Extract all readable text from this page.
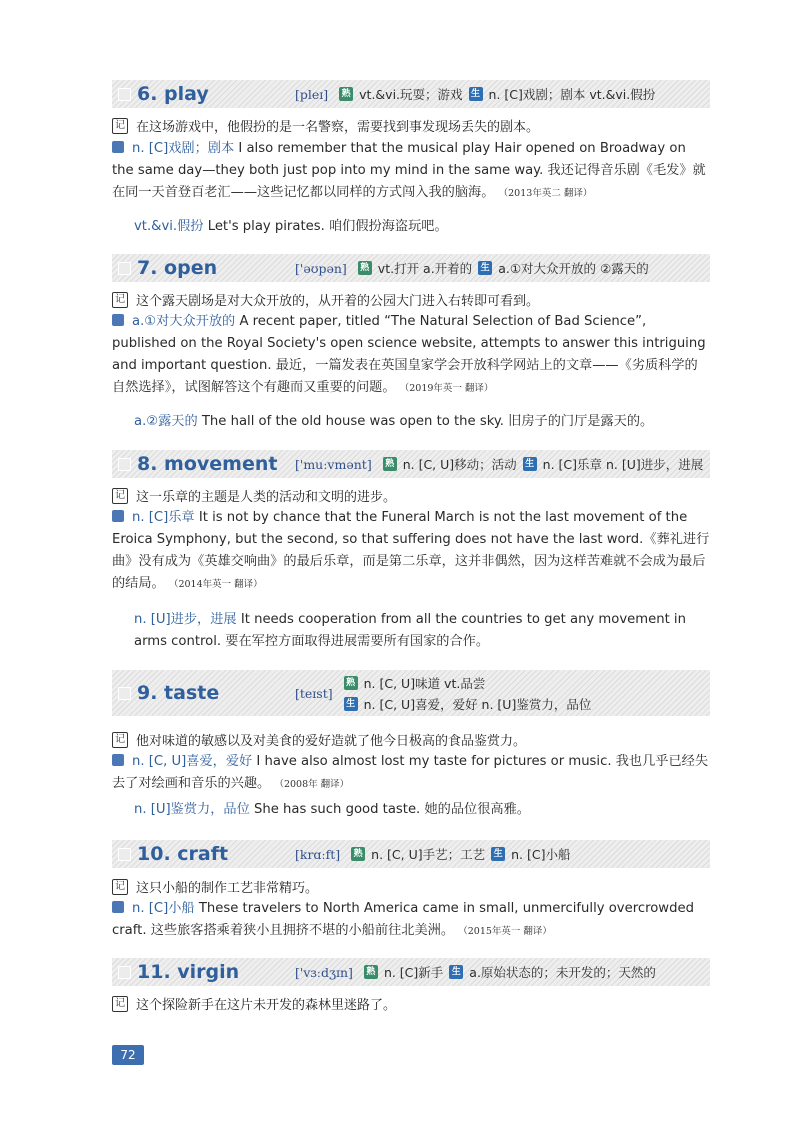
6. play	[pleɪ] 熟 vt.&vi.玩耍；游戏 生 n. [C]戏剧；剧本 vt.&vi.假扮
记 在这场游戏中，他假扮的是一名警察，需要找到事发现场丢失的剧本。
n. [C]戏剧；剧本 I also remember that the musical play Hair opened on Broadway on the same day—they both just pop into my mind in the same way. 我还记得音乐剧《毛发》就在同一天首登百老汇——这些记忆都以同样的方式闯入我的脑海。 （2013年英二 翻译）
vt.&vi.假扮 Let's play pirates. 咱们假扮海盗玩吧。
7. open	['əʊpən] 熟 vt.打开 a.开着的 生 a.①对大众开放的 ②露天的
记 这个露天剧场是对大众开放的，从开着的公园大门进入右转即可看到。
a.①对大众开放的 A recent paper, titled “The Natural Selection of Bad Science”, published on the Royal Society's open science website, attempts to answer this intriguing and important question. 最近，一篇发表在英国皇家学会开放科学网站上的文章——《劣质科学的自然选择》，试图解答这个有趣而又重要的问题。 （2019年英一 翻译）
a.②露天的 The hall of the old house was open to the sky. 旧房子的门厅是露天的。
8. movement	['muːvmənt] 熟 n. [C, U]移动；活动 生 n. [C]乐章 n. [U]进步，进展
记 这一乐章的主题是人类的活动和文明的进步。
n. [C]乐章 It is not by chance that the Funeral March is not the last movement of the Eroica Symphony, but the second, so that suffering does not have the last word.《葬礼进行曲》没有成为《英雄交响曲》的最后乐章，而是第二乐章，这并非偶然，因为这样苦难就不会成为最后的结局。 （2014年英一 翻译）
n. [U]进步，进展 It needs cooperation from all the countries to get any movement in arms control. 要在军控方面取得进展需要所有国家的合作。
9. taste	[teɪst]
熟 n. [C, U]味道 vt.品尝
生 n. [C, U]喜爱，爱好 n. [U]鉴赏力，品位
记 他对味道的敏感以及对美食的爱好造就了他今日极高的食品鉴赏力。
n. [C, U]喜爱，爱好 I have also almost lost my taste for pictures or music. 我也几乎已经失去了对绘画和音乐的兴趣。 （2008年 翻译）
n. [U]鉴赏力，品位 She has such good taste. 她的品位很高雅。
10. craft	[krɑːft] 熟 n. [C, U]手艺；工艺 生 n. [C]小船
记 这只小船的制作工艺非常精巧。
n. [C]小船 These travelers to North America came in small, unmercifully overcrowded craft. 这些旅客搭乘着狭小且拥挤不堪的小船前往北美洲。 （2015年英一 翻译）
11. virgin	['vɜːdʒɪn] 熟 n. [C]新手 生 a.原始状态的；未开发的；天然的
记 这个探险新手在这片未开发的森林里迷路了。
72
